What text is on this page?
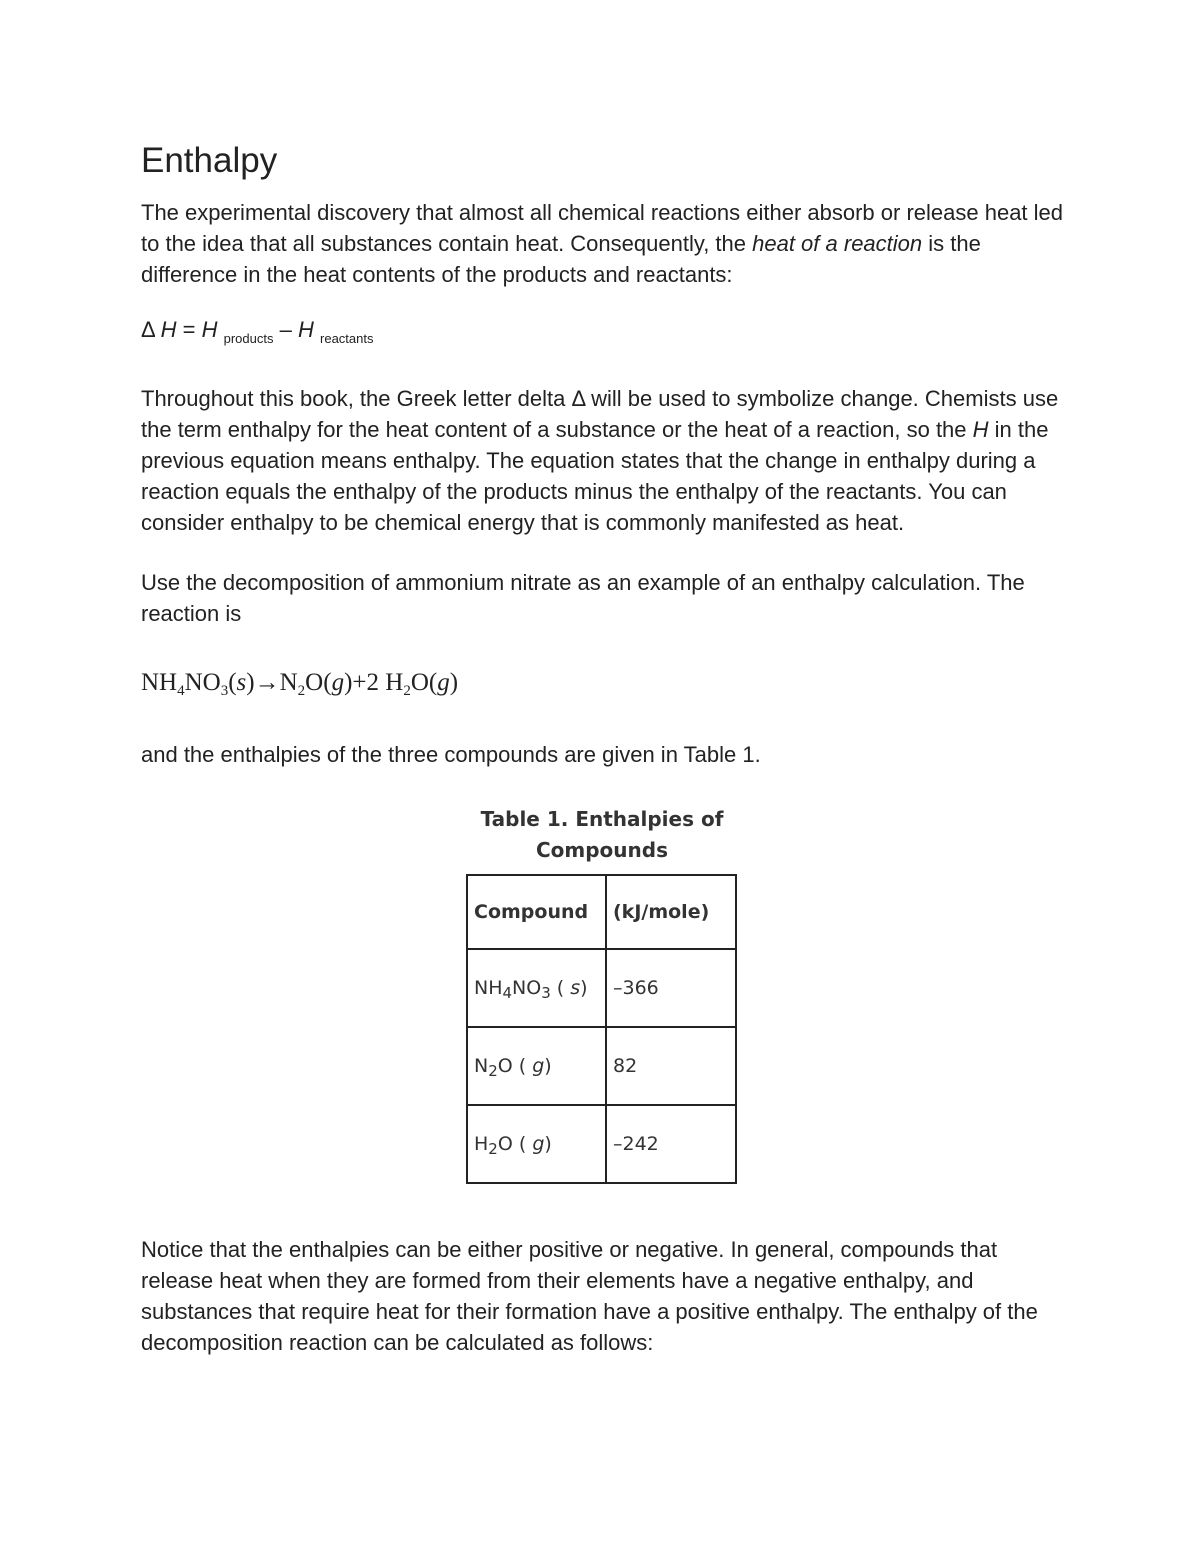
Enthalpy

The experimental discovery that almost all chemical reactions either absorb or release heat led to the idea that all substances contain heat. Consequently, the heat of a reaction is the difference in the heat contents of the products and reactants:

Δ H = H $_{products}$ – H $_{reactants}$

Throughout this book, the Greek letter delta Δ will be used to symbolize change. Chemists use the term enthalpy for the heat content of a substance or the heat of a reaction, so the H in the previous equation means enthalpy. The equation states that the change in enthalpy during a reaction equals the enthalpy of the products minus the enthalpy of the reactants. You can consider enthalpy to be chemical energy that is commonly manifested as heat.

Use the decomposition of ammonium nitrate as an example of an enthalpy calculation. The reaction is

$NH_4NO_3(s)\to N_2O(g)+2$ $H_2O(g)$

and the enthalpies of the three compounds are given in Table 1.

Table 1. Enthalpies of Compounds
Compound	(kJ/mole)
$NH_4NO_3$ ( s)	–366
$N_2O$ ( g)	82
$H_2O$ ( g)	–242

Notice that the enthalpies can be either positive or negative. In general, compounds that release heat when they are formed from their elements have a negative enthalpy, and substances that require heat for their formation have a positive enthalpy. The enthalpy of the decomposition reaction can be calculated as follows:
